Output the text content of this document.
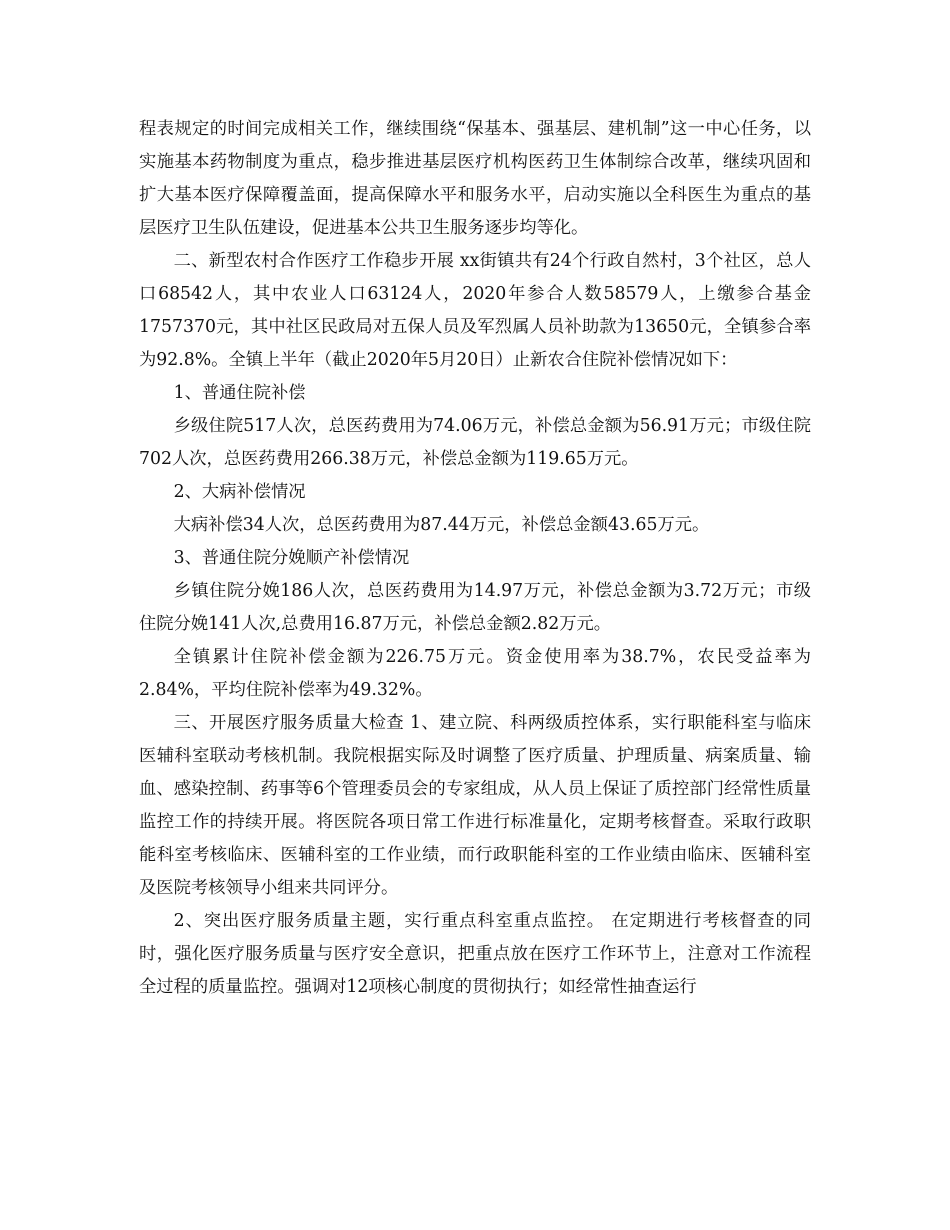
程表规定的时间完成相关工作，继续围绕“保基本、强基层、建机制”这一中心任务，以实施基本药物制度为重点，稳步推进基层医疗机构医药卫生体制综合改革，继续巩固和扩大基本医疗保障覆盖面，提高保障水平和服务水平，启动实施以全科医生为重点的基层医疗卫生队伍建设，促进基本公共卫生服务逐步均等化。

二、新型农村合作医疗工作稳步开展 xx街镇共有24个行政自然村，3个社区，总人口68542人，其中农业人口63124人，2020年参合人数58579人，上缴参合基金1757370元，其中社区民政局对五保人员及军烈属人员补助款为13650元，全镇参合率为92.8%。全镇上半年（截止2020年5月20日）止新农合住院补偿情况如下：

1、普通住院补偿

乡级住院517人次，总医药费用为74.06万元，补偿总金额为56.91万元；市级住院702人次，总医药费用266.38万元，补偿总金额为119.65万元。

2、大病补偿情况

大病补偿34人次，总医药费用为87.44万元，补偿总金额43.65万元。

3、普通住院分娩顺产补偿情况

乡镇住院分娩186人次，总医药费用为14.97万元，补偿总金额为3.72万元；市级住院分娩141人次,总费用16.87万元，补偿总金额2.82万元。

全镇累计住院补偿金额为226.75万元。资金使用率为38.7%，农民受益率为2.84%，平均住院补偿率为49.32%。

三、开展医疗服务质量大检查 1、建立院、科两级质控体系，实行职能科室与临床医辅科室联动考核机制。我院根据实际及时调整了医疗质量、护理质量、病案质量、输血、感染控制、药事等6个管理委员会的专家组成，从人员上保证了质控部门经常性质量监控工作的持续开展。将医院各项日常工作进行标准量化，定期考核督查。采取行政职能科室考核临床、医辅科室的工作业绩，而行政职能科室的工作业绩由临床、医辅科室及医院考核领导小组来共同评分。

2、突出医疗服务质量主题，实行重点科室重点监控。 在定期进行考核督查的同时，强化医疗服务质量与医疗安全意识，把重点放在医疗工作环节上，注意对工作流程全过程的质量监控。强调对12项核心制度的贯彻执行；如经常性抽查运行
